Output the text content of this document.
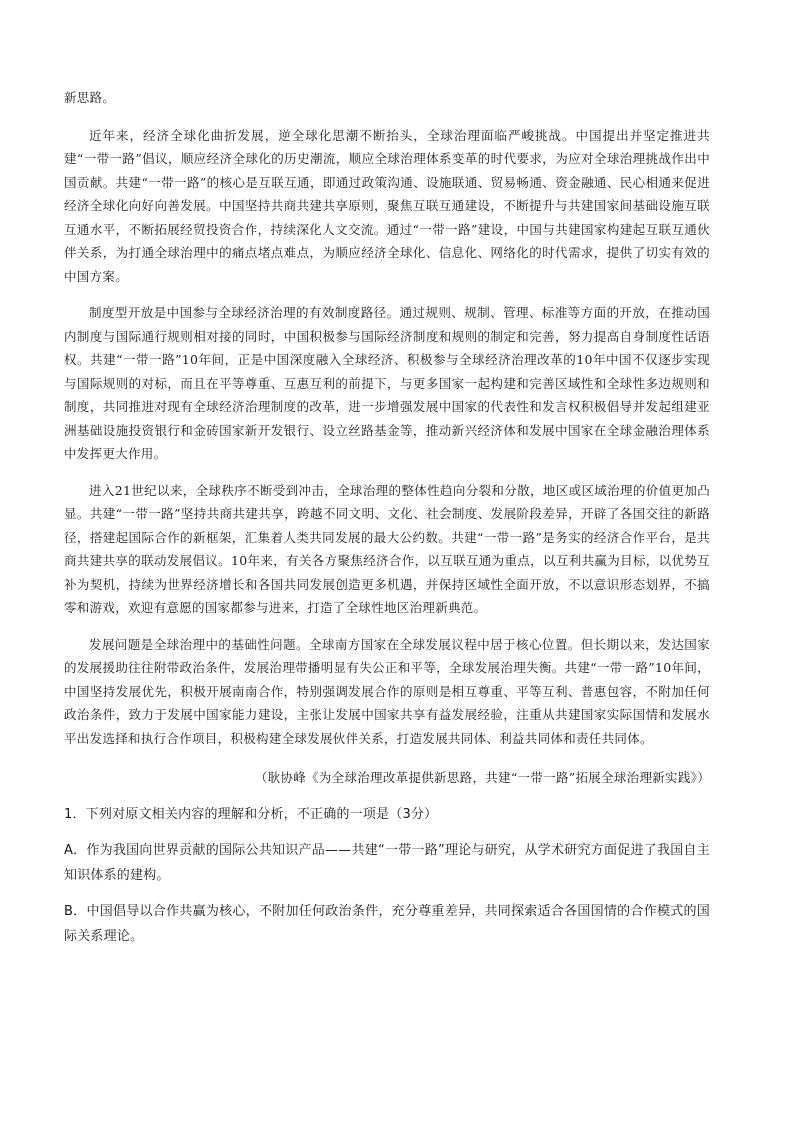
新思路。

近年来，经济全球化曲折发展，逆全球化思潮不断抬头，全球治理面临严峻挑战。中国提出并坚定推进共建“一带一路”倡议，顺应经济全球化的历史潮流，顺应全球治理体系变革的时代要求，为应对全球治理挑战作出中国贡献。共建“一带一路”的核心是互联互通，即通过政策沟通、设施联通、贸易畅通、资金融通、民心相通来促进经济全球化向好向善发展。中国坚持共商共建共享原则，聚焦互联互通建设，不断提升与共建国家间基础设施互联互通水平，不断拓展经贸投资合作，持续深化人文交流。通过“一带一路”建设，中国与共建国家构建起互联互通伙伴关系，为打通全球治理中的痛点堵点难点，为顺应经济全球化、信息化、网络化的时代需求，提供了切实有效的中国方案。

制度型开放是中国参与全球经济治理的有效制度路径。通过规则、规制、管理、标准等方面的开放，在推动国内制度与国际通行规则相对接的同时，中国积极参与国际经济制度和规则的制定和完善，努力提高自身制度性话语权。共建“一带一路”10年间，正是中国深度融入全球经济、积极参与全球经济治理改革的10年中国不仅逐步实现与国际规则的对标，而且在平等尊重、互惠互利的前提下，与更多国家一起构建和完善区域性和全球性多边规则和制度，共同推进对现有全球经济治理制度的改革，进一步增强发展中国家的代表性和发言权积极倡导并发起组建亚洲基础设施投资银行和金砖国家新开发银行、设立丝路基金等，推动新兴经济体和发展中国家在全球金融治理体系中发挥更大作用。

进入21世纪以来，全球秩序不断受到冲击，全球治理的整体性趋向分裂和分散，地区或区域治理的价值更加凸显。共建“一带一路”坚持共商共建共享，跨越不同文明、文化、社会制度、发展阶段差异，开辟了各国交往的新路径，搭建起国际合作的新框架，汇集着人类共同发展的最大公约数。共建“一带一路”是务实的经济合作平台，是共商共建共享的联动发展倡议。10年来，有关各方聚焦经济合作，以互联互通为重点，以互利共赢为目标，以优势互补为契机，持续为世界经济增长和各国共同发展创造更多机遇，并保持区域性全面开放，不以意识形态划界，不搞零和游戏，欢迎有意愿的国家都参与进来，打造了全球性地区治理新典范。

发展问题是全球治理中的基础性问题。全球南方国家在全球发展议程中居于核心位置。但长期以来，发达国家的发展援助往往附带政治条件，发展治理带播明显有失公正和平等，全球发展治理失衡。共建“一带一路”10年间，中国坚持发展优先，积极开展南南合作，特别强调发展合作的原则是相互尊重、平等互利、普惠包容，不附加任何政治条件，致力于发展中国家能力建设，主张让发展中国家共享有益发展经验，注重从共建国家实际国情和发展水平出发选择和执行合作项目，积极构建全球发展伙伴关系，打造发展共同体、利益共同体和责任共同体。

（耿协峰《为全球治理改革提供新思路，共建“一带一路”拓展全球治理新实践》）

1．下列对原文相关内容的理解和分析，不正确的一项是（3分）

A．作为我国向世界贡献的国际公共知识产品——共建“一带一路”理论与研究，从学术研究方面促进了我国自主知识体系的建构。

B．中国倡导以合作共赢为核心，不附加任何政治条件，充分尊重差异，共同探索适合各国国情的合作模式的国际关系理论。
